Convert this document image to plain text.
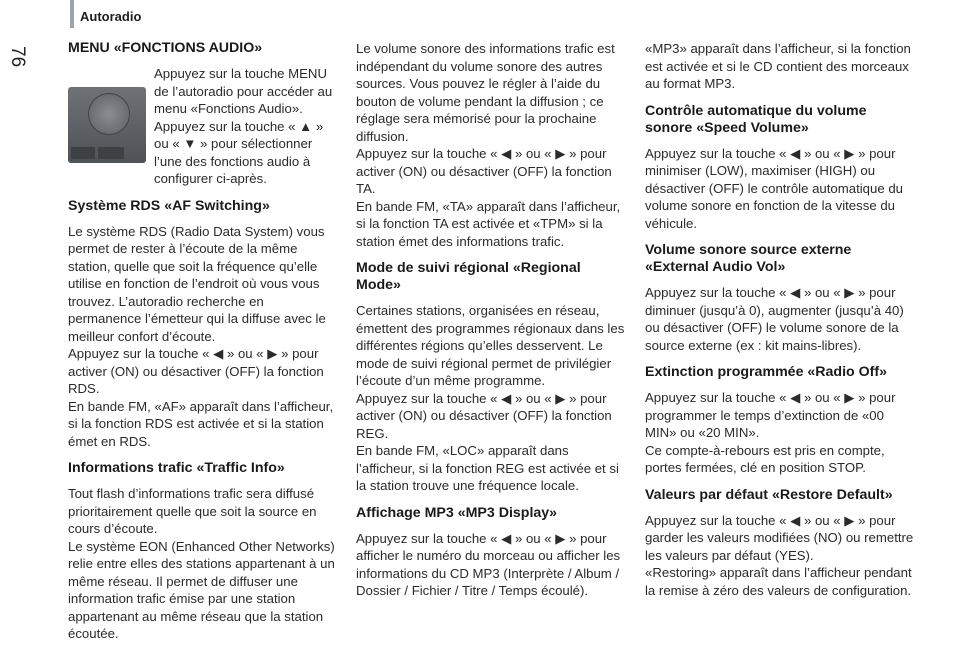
Autoradio
76	MENU «FONCTIONS AUDIO»

Appuyez sur la touche MENU de l’autoradio pour accéder au menu «Fonctions Audio».

Appuyez sur la touche « ▲ » ou « ▼ » pour sélectionner l’une des fonctions audio à configurer ci-après.

Système RDS «AF Switching»

Le système RDS (Radio Data System) vous permet de rester à l’écoute de la même station, quelle que soit la fréquence qu’elle utilise en fonction de l’endroit où vous vous trouvez. L’autoradio recherche en permanence l’émetteur qui la diffuse avec le meilleur confort d’écoute.

Appuyez sur la touche « ◀ » ou « ▶ » pour activer (ON) ou désactiver (OFF) la fonction RDS.

En bande FM, «AF» apparaît dans l’afficheur, si la fonction RDS est activée et si la station émet en RDS.

Informations trafic «Traffic Info»

Tout flash d’informations trafic sera diffusé prioritairement quelle que soit la source en cours d’écoute.

Le système EON (Enhanced Other Networks) relie entre elles des stations appartenant à un même réseau. Il permet de diffuser une information trafic émise par une station appartenant au même réseau que la station écoutée.

Le volume sonore des informations trafic est indépendant du volume sonore des autres sources. Vous pouvez le régler à l’aide du bouton de volume pendant la diffusion ; ce réglage sera mémorisé pour la prochaine diffusion.

Appuyez sur la touche « ◀ » ou « ▶ » pour activer (ON) ou désactiver (OFF) la fonction TA.

En bande FM, «TA» apparaît dans l’afficheur, si la fonction TA est activée et «TPM» si la station émet des informations trafic.

Mode de suivi régional «Regional Mode»

Certaines stations, organisées en réseau, émettent des programmes régionaux dans les différentes régions qu’elles desservent. Le mode de suivi régional permet de privilégier l’écoute d’un même programme.

Appuyez sur la touche « ◀ » ou « ▶ » pour activer (ON) ou désactiver (OFF) la fonction REG.

En bande FM, «LOC» apparaît dans l’afficheur, si la fonction REG est activée et si la station trouve une fréquence locale.

Affichage MP3 «MP3 Display»

Appuyez sur la touche « ◀ » ou « ▶ » pour afficher le numéro du morceau ou afficher les informations du CD MP3 (Interprète / Album / Dossier / Fichier / Titre / Temps écoulé).

«MP3» apparaît dans l’afficheur, si la fonction est activée et si le CD contient des morceaux au format MP3.

Contrôle automatique du volume sonore «Speed Volume»

Appuyez sur la touche « ◀ » ou « ▶ » pour minimiser (LOW), maximiser (HIGH) ou désactiver (OFF) le contrôle automatique du volume sonore en fonction de la vitesse du véhicule.

Volume sonore source externe «External Audio Vol»

Appuyez sur la touche « ◀ » ou « ▶ » pour diminuer (jusqu’à 0), augmenter (jusqu’à 40) ou désactiver (OFF) le volume sonore de la source externe (ex : kit mains-libres).

Extinction programmée «Radio Off»

Appuyez sur la touche « ◀ » ou « ▶ » pour programmer le temps d’extinction de «00 MIN» ou «20 MIN».

Ce compte-à-rebours est pris en compte, portes fermées, clé en position STOP.

Valeurs par défaut «Restore Default»

Appuyez sur la touche « ◀ » ou « ▶ » pour garder les valeurs modifiées (NO) ou remettre les valeurs par défaut (YES).

«Restoring» apparaît dans l’afficheur pendant la remise à zéro des valeurs de configuration.
